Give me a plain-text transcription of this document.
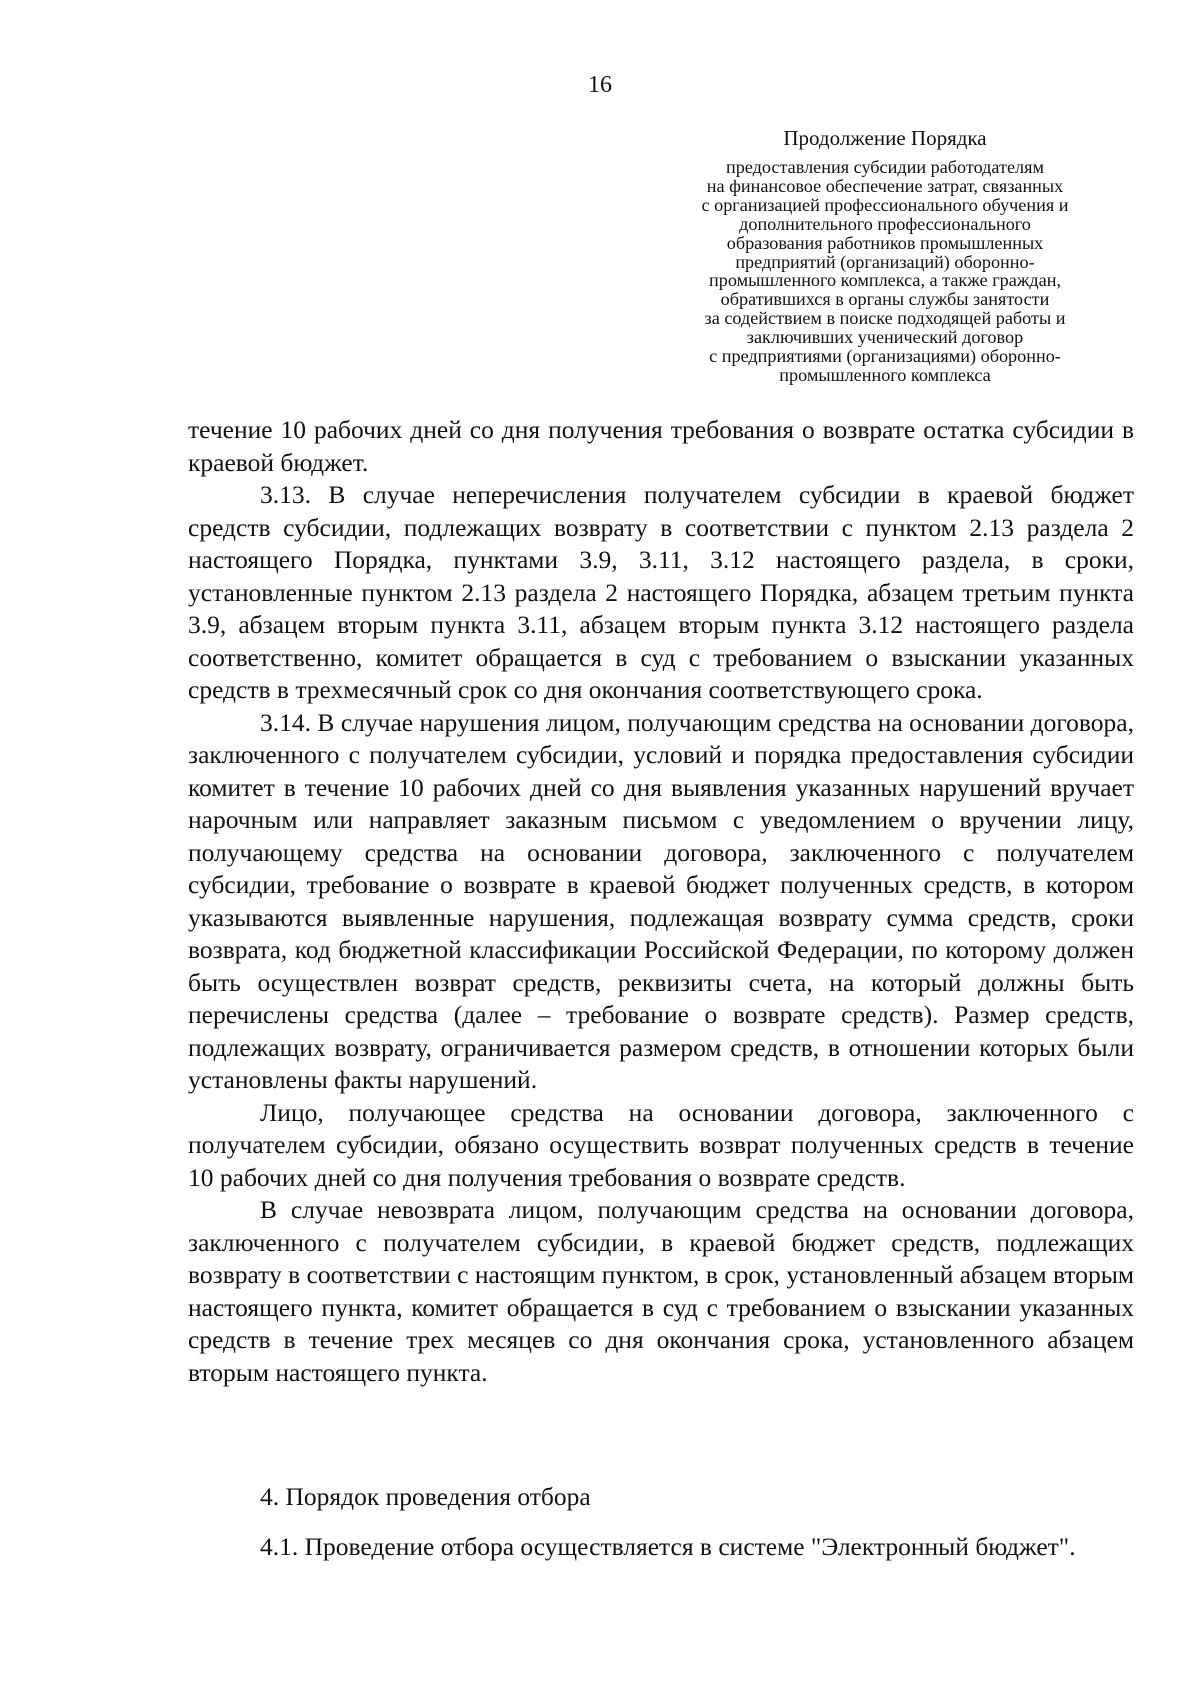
16
Продолжение Порядка
предоставления субсидии работодателям
на финансовое обеспечение затрат, связанных
с организацией профессионального обучения и
дополнительного профессионального
образования работников промышленных
предприятий (организаций) оборонно-
промышленного комплекса, а также граждан,
обратившихся в органы службы занятости
за содействием в поиске подходящей работы и
заключивших ученический договор
с предприятиями (организациями) оборонно-
промышленного комплекса

течение 10 рабочих дней со дня получения требования о возврате остатка субсидии в краевой бюджет.

3.13. В случае неперечисления получателем субсидии в краевой бюджет средств субсидии, подлежащих возврату в соответствии с пунктом 2.13 раздела 2 настоящего Порядка, пунктами 3.9, 3.11, 3.12 настоящего раздела, в сроки, установленные пунктом 2.13 раздела 2 настоящего Порядка, абзацем третьим пункта 3.9, абзацем вторым пункта 3.11, абзацем вторым пункта 3.12 настоящего раздела соответственно, комитет обращается в суд с требованием о взыскании указанных средств в трехмесячный срок со дня окончания соответствующего срока.

3.14. В случае нарушения лицом, получающим средства на основании договора, заключенного с получателем субсидии, условий и порядка предоставления субсидии комитет в течение 10 рабочих дней со дня выявления указанных нарушений вручает нарочным или направляет заказным письмом с уведомлением о вручении лицу, получающему средства на основании договора, заключенного с получателем субсидии, требование о возврате в краевой бюджет полученных средств, в котором указываются выявленные нарушения, подлежащая возврату сумма средств, сроки возврата, код бюджетной классификации Российской Федерации, по которому должен быть осуществлен возврат средств, реквизиты счета, на который должны быть перечислены средства (далее – требование о возврате средств). Размер средств, подлежащих возврату, ограничивается размером средств, в отношении которых были установлены факты нарушений.

Лицо, получающее средства на основании договора, заключенного с получателем субсидии, обязано осуществить возврат полученных средств в течение 10 рабочих дней со дня получения требования о возврате средств.

В случае невозврата лицом, получающим средства на основании договора, заключенного с получателем субсидии, в краевой бюджет средств, подлежащих возврату в соответствии с настоящим пунктом, в срок, установленный абзацем вторым настоящего пункта, комитет обращается в суд с требованием о взыскании указанных средств в течение трех месяцев со дня окончания срока, установленного абзацем вторым настоящего пункта.

4. Порядок проведения отбора

4.1. Проведение отбора осуществляется в системе "Электронный бюджет".
